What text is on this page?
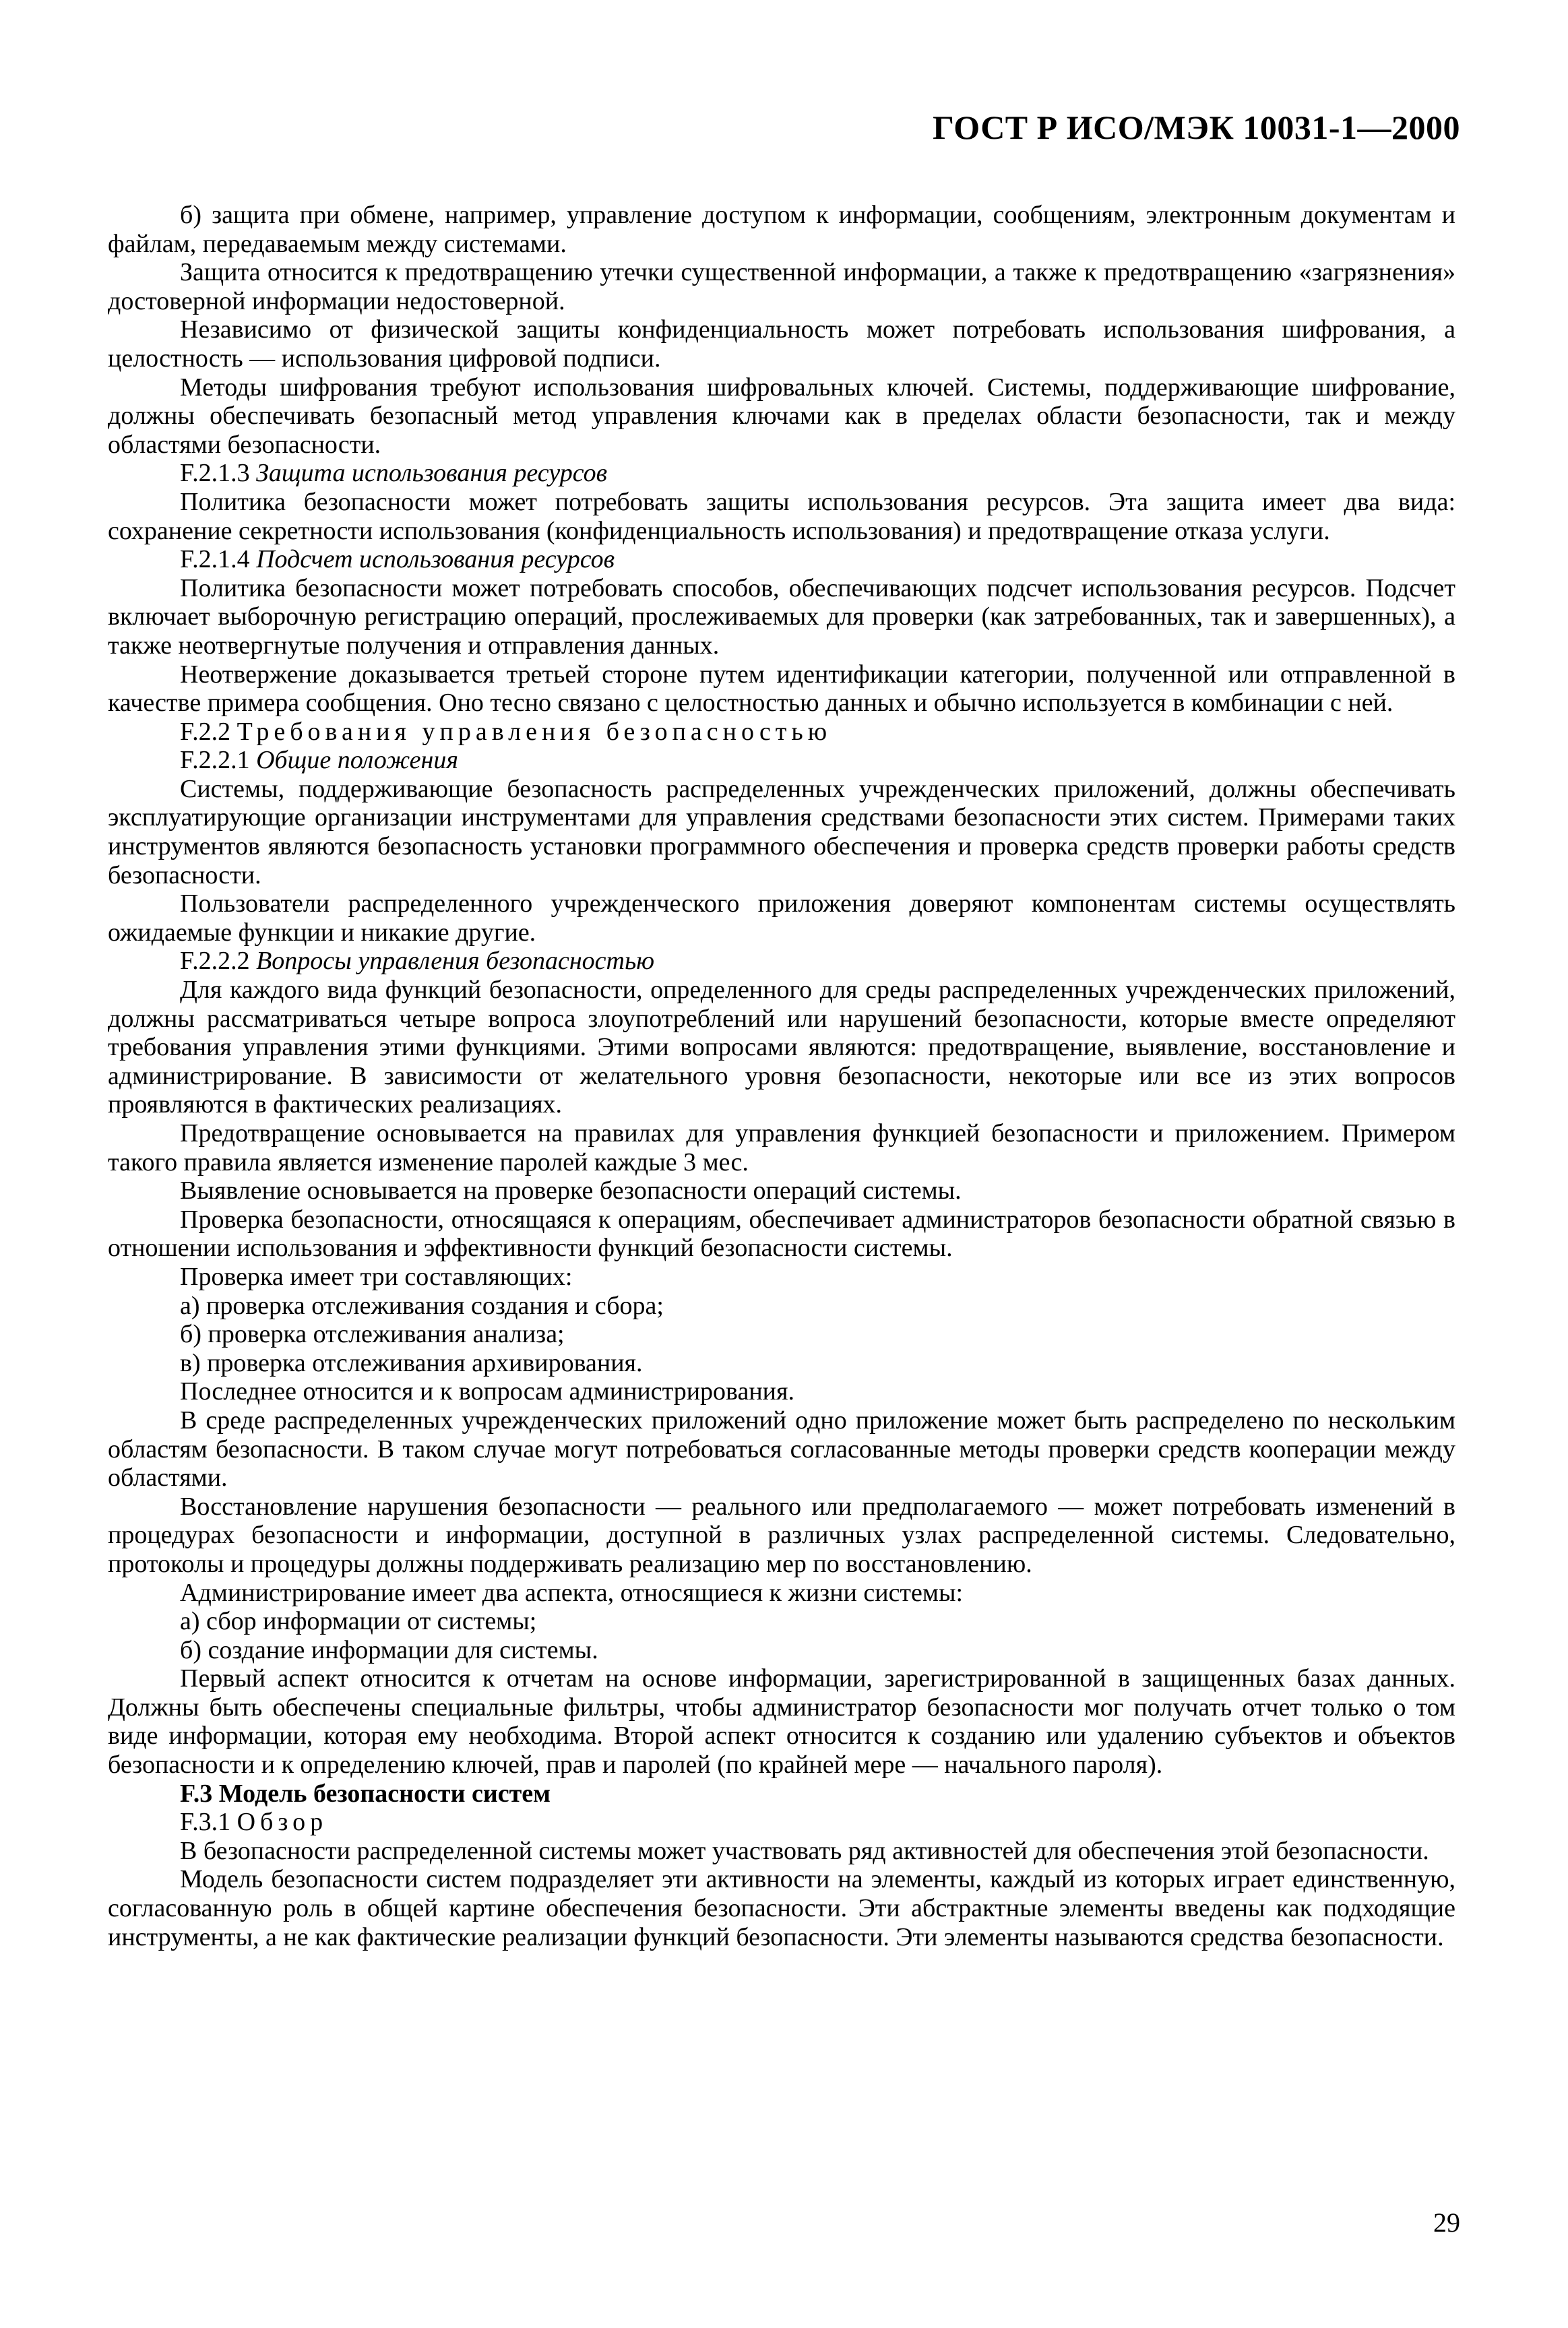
ГОСТ Р ИСО/МЭК 10031-1—2000

б) защита при обмене, например, управление доступом к информации, сообщениям, электронным документам и файлам, передаваемым между системами.

Защита относится к предотвращению утечки существенной информации, а также к предотвращению «загрязнения» достоверной информации недостоверной.

Независимо от физической защиты конфиденциальность может потребовать использования шифрования, а целостность — использования цифровой подписи.

Методы шифрования требуют использования шифровальных ключей. Системы, поддерживающие шифрование, должны обеспечивать безопасный метод управления ключами как в пределах области безопасности, так и между областями безопасности.

F.2.1.3 Защита использования ресурсов

Политика безопасности может потребовать защиты использования ресурсов. Эта защита имеет два вида: сохранение секретности использования (конфиденциальность использования) и предотвращение отказа услуги.

F.2.1.4 Подсчет использования ресурсов

Политика безопасности может потребовать способов, обеспечивающих подсчет использования ресурсов. Подсчет включает выборочную регистрацию операций, прослеживаемых для проверки (как затребованных, так и завершенных), а также неотвергнутые получения и отправления данных.

Неотвержение доказывается третьей стороне путем идентификации категории, полученной или отправленной в качестве примера сообщения. Оно тесно связано с целостностью данных и обычно используется в комбинации с ней.

F.2.2 Требования управления безопасностью

F.2.2.1 Общие положения

Системы, поддерживающие безопасность распределенных учрежденческих приложений, должны обеспечивать эксплуатирующие организации инструментами для управления средствами безопасности этих систем. Примерами таких инструментов являются безопасность установки программного обеспечения и проверка средств проверки работы средств безопасности.

Пользователи распределенного учрежденческого приложения доверяют компонентам системы осуществлять ожидаемые функции и никакие другие.

F.2.2.2 Вопросы управления безопасностью

Для каждого вида функций безопасности, определенного для среды распределенных учрежденческих приложений, должны рассматриваться четыре вопроса злоупотреблений или нарушений безопасности, которые вместе определяют требования управления этими функциями. Этими вопросами являются: предотвращение, выявление, восстановление и администрирование. В зависимости от желательного уровня безопасности, некоторые или все из этих вопросов проявляются в фактических реализациях.

Предотвращение основывается на правилах для управления функцией безопасности и приложением. Примером такого правила является изменение паролей каждые 3 мес.

Выявление основывается на проверке безопасности операций системы.

Проверка безопасности, относящаяся к операциям, обеспечивает администраторов безопасности обратной связью в отношении использования и эффективности функций безопасности системы.

Проверка имеет три составляющих:

а) проверка отслеживания создания и сбора;

б) проверка отслеживания анализа;

в) проверка отслеживания архивирования.

Последнее относится и к вопросам администрирования.

В среде распределенных учрежденческих приложений одно приложение может быть распределено по нескольким областям безопасности. В таком случае могут потребоваться согласованные методы проверки средств кооперации между областями.

Восстановление нарушения безопасности — реального или предполагаемого — может потребовать изменений в процедурах безопасности и информации, доступной в различных узлах распределенной системы. Следовательно, протоколы и процедуры должны поддерживать реализацию мер по восстановлению.

Администрирование имеет два аспекта, относящиеся к жизни системы:

а) сбор информации от системы;

б) создание информации для системы.

Первый аспект относится к отчетам на основе информации, зарегистрированной в защищенных базах данных. Должны быть обеспечены специальные фильтры, чтобы администратор безопасности мог получать отчет только о том виде информации, которая ему необходима. Второй аспект относится к созданию или удалению субъектов и объектов безопасности и к определению ключей, прав и паролей (по крайней мере — начального пароля).

F.3 Модель безопасности систем

F.3.1 Обзор

В безопасности распределенной системы может участвовать ряд активностей для обеспечения этой безопасности.

Модель безопасности систем подразделяет эти активности на элементы, каждый из которых играет единственную, согласованную роль в общей картине обеспечения безопасности. Эти абстрактные элементы введены как подходящие инструменты, а не как фактические реализации функций безопасности. Эти элементы называются средства безопасности.

29
